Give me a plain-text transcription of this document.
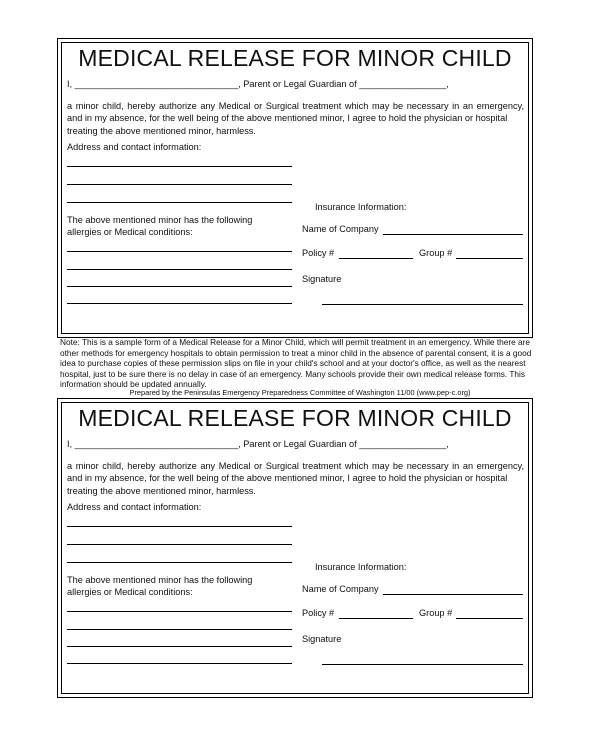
MEDICAL RELEASE FOR MINOR CHILD
I, ________________________________, Parent or Legal Guardian of _________________,
a minor child, hereby authorize any Medical or Surgical treatment which may be necessary in an emergency, and in my absence, for the well being of the above mentioned minor, I agree to hold the physician or hospital
treating the above mentioned minor, harmless.
Address and contact information:
The above mentioned minor has the following
allergies or Medical conditions:
Insurance Information:
Name of Company
Policy #	Group #
Signature
Note: This is a sample form of a Medical Release for a Minor Child, which will permit treatment in an emergency. While there are other methods for emergency hospitals to obtain permission to treat a minor child in the absence of parental consent, it is a good idea to purchase copies of these permission slips on file in your child's school and at your doctor's office, as well as the nearest hospital, just to be sure there is no delay in case of an emergency. Many schools provide their own medical release forms. This information should be updated annually.
Prepared by the Peninsulas Emergency Preparedness Committee of Washington 11/00 (www.pep-c.org)
MEDICAL RELEASE FOR MINOR CHILD
I, ________________________________, Parent or Legal Guardian of _________________,
a minor child, hereby authorize any Medical or Surgical treatment which may be necessary in an emergency, and in my absence, for the well being of the above mentioned minor, I agree to hold the physician or hospital
treating the above mentioned minor, harmless.
Address and contact information:
The above mentioned minor has the following
allergies or Medical conditions:
Insurance Information:
Name of Company
Policy #	Group #
Signature
